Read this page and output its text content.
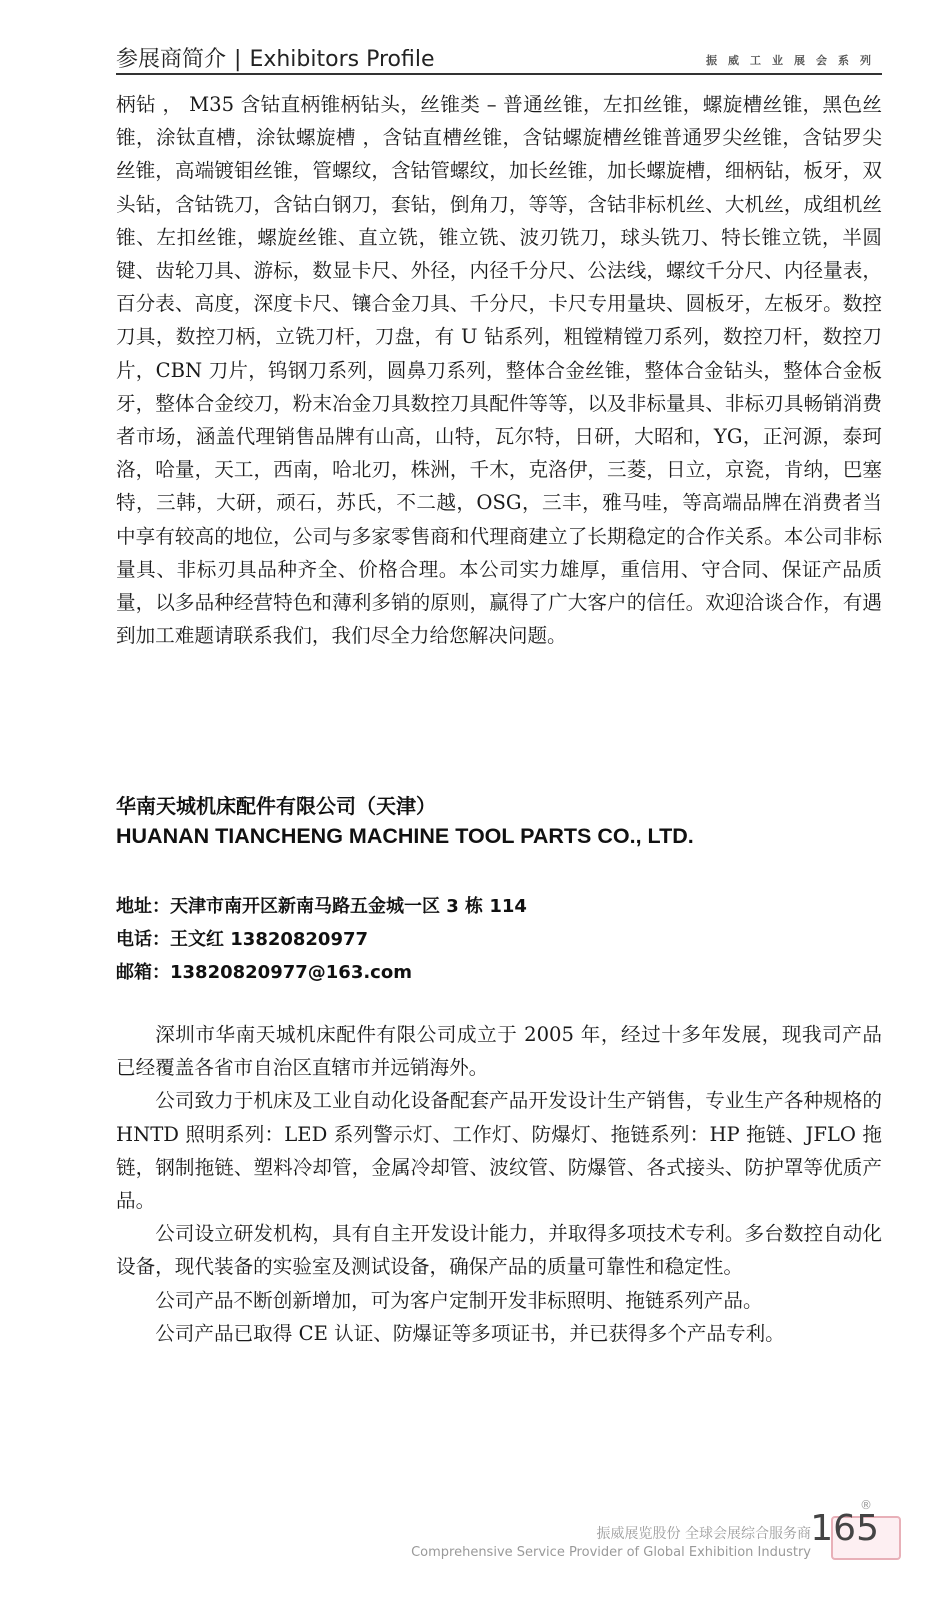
参展商简介 | Exhibitors Profile	振威工业展会系列

柄钻 ， M35 含钴直柄锥柄钻头，丝锥类 – 普通丝锥，左扣丝锥，螺旋槽丝锥，黑色丝锥，涂钛直槽，涂钛螺旋槽 ，含钴直槽丝锥，含钴螺旋槽丝锥普通罗尖丝锥，含钴罗尖丝锥，高端镀钼丝锥，管螺纹，含钴管螺纹，加长丝锥，加长螺旋槽，细柄钻，板牙，双头钻，含钴铣刀，含钴白钢刀，套钻，倒角刀，等等，含钴非标机丝、大机丝，成组机丝锥、左扣丝锥，螺旋丝锥、直立铣，锥立铣、波刃铣刀，球头铣刀、特长锥立铣，半圆键、齿轮刀具、游标，数显卡尺、外径，内径千分尺、公法线，螺纹千分尺、内径量表，百分表、高度，深度卡尺、镶合金刀具、千分尺，卡尺专用量块、圆板牙，左板牙。数控刀具，数控刀柄，立铣刀杆，刀盘，有 U 钻系列，粗镗精镗刀系列，数控刀杆，数控刀片，CBN 刀片，钨钢刀系列，圆鼻刀系列，整体合金丝锥，整体合金钻头，整体合金板牙，整体合金绞刀，粉末冶金刀具数控刀具配件等等，以及非标量具、非标刃具畅销消费者市场，涵盖代理销售品牌有山高，山特，瓦尔特，日研，大昭和，YG，正河源，泰珂洛，哈量，天工，西南，哈北刃，株洲，千木，克洛伊，三菱，日立，京瓷，肯纳，巴塞特，三韩，大研，顽石，苏氏，不二越，OSG，三丰，雅马哇，等高端品牌在消费者当中享有较高的地位，公司与多家零售商和代理商建立了长期稳定的合作关系。本公司非标量具、非标刃具品种齐全、价格合理。本公司实力雄厚，重信用、守合同、保证产品质量，以多品种经营特色和薄利多销的原则，赢得了广大客户的信任。欢迎洽谈合作，有遇到加工难题请联系我们，我们尽全力给您解决问题。

华南天城机床配件有限公司（天津）
HUANAN TIANCHENG MACHINE TOOL PARTS CO., LTD.
地址：天津市南开区新南马路五金城一区 3 栋 114
电话：王文红 13820820977
邮箱：13820820977@163.com

深圳市华南天城机床配件有限公司成立于 2005 年，经过十多年发展，现我司产品已经覆盖各省市自治区直辖市并远销海外。

公司致力于机床及工业自动化设备配套产品开发设计生产销售，专业生产各种规格的 HNTD 照明系列：LED 系列警示灯、工作灯、防爆灯、拖链系列：HP 拖链、JFLO 拖链，钢制拖链、塑料冷却管，金属冷却管、波纹管、防爆管、各式接头、防护罩等优质产品。

公司设立研发机构，具有自主开发设计能力，并取得多项技术专利。多台数控自动化设备，现代装备的实验室及测试设备，确保产品的质量可靠性和稳定性。

公司产品不断创新增加，可为客户定制开发非标照明、拖链系列产品。

公司产品已取得 CE 认证、防爆证等多项证书，并已获得多个产品专利。

振威展览股份 全球会展综合服务商
Comprehensive Service Provider of Global Exhibition Industry
®
165
